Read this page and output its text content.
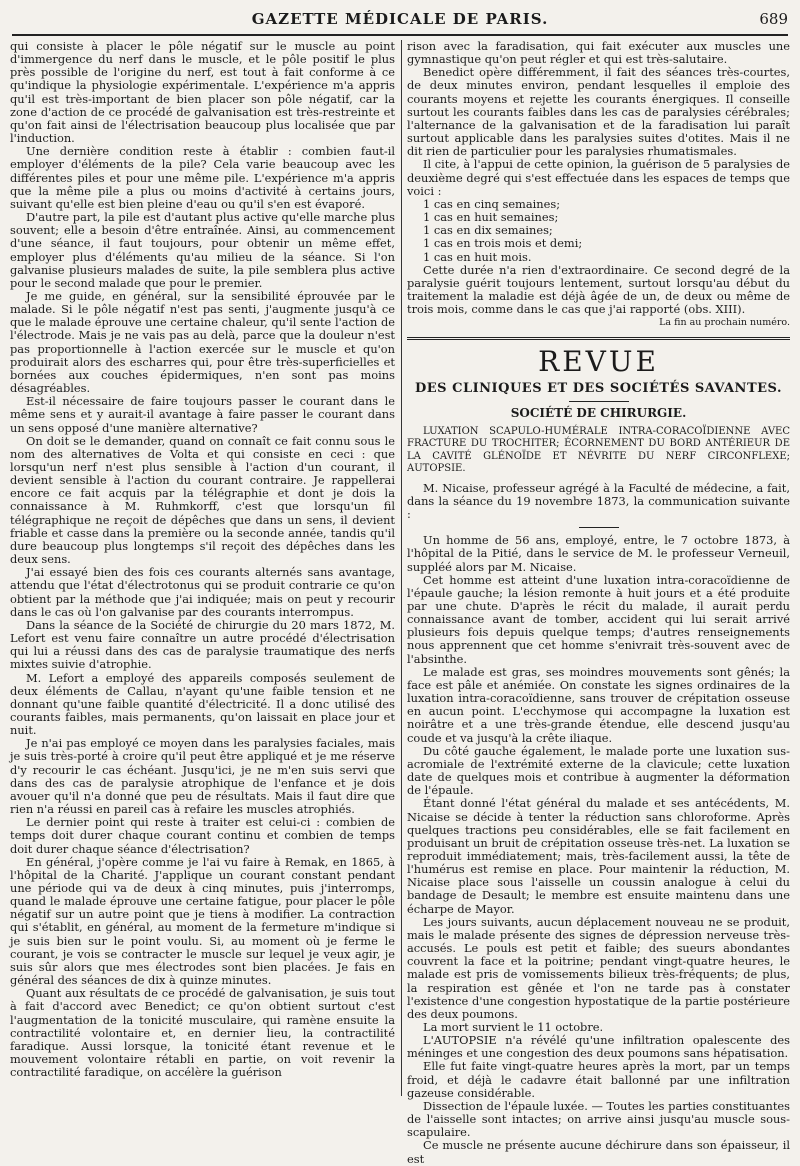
GAZETTE MÉDICALE DE PARIS.	689

qui consiste à placer le pôle négatif sur le muscle au point d'immergence du nerf dans le muscle, et le pôle positif le plus près possible de l'origine du nerf, est tout à fait conforme à ce qu'indique la physiologie expérimentale. L'expérience m'a appris qu'il est très-important de bien placer son pôle négatif, car la zone d'action de ce procédé de galvanisation est très-restreinte et qu'on fait ainsi de l'électrisation beaucoup plus localisée que par l'induction.

Une dernière condition reste à établir : combien faut-il employer d'éléments de la pile? Cela varie beaucoup avec les différentes piles et pour une même pile. L'expérience m'a appris que la même pile a plus ou moins d'activité à certains jours, suivant qu'elle est bien pleine d'eau ou qu'il s'en est évaporé.

D'autre part, la pile est d'autant plus active qu'elle marche plus souvent; elle a besoin d'être entraînée. Ainsi, au commencement d'une séance, il faut toujours, pour obtenir un même effet, employer plus d'éléments qu'au milieu de la séance. Si l'on galvanise plusieurs malades de suite, la pile semblera plus active pour le second malade que pour le premier.

Je me guide, en général, sur la sensibilité éprouvée par le malade. Si le pôle négatif n'est pas senti, j'augmente jusqu'à ce que le malade éprouve une certaine chaleur, qu'il sente l'action de l'électrode. Mais je ne vais pas au delà, parce que la douleur n'est pas proportionnelle à l'action exercée sur le muscle et qu'on produirait alors des escharres qui, pour être très-superficielles et bornées aux couches épidermiques, n'en sont pas moins désagréables.

Est-il nécessaire de faire toujours passer le courant dans le même sens et y aurait-il avantage à faire passer le courant dans un sens opposé d'une manière alternative?

On doit se le demander, quand on connaît ce fait connu sous le nom des alternatives de Volta et qui consiste en ceci : que lorsqu'un nerf n'est plus sensible à l'action d'un courant, il devient sensible à l'action du courant contraire. Je rappellerai encore ce fait acquis par la télégraphie et dont je dois la connaissance à M. Ruhmkorff, c'est que lorsqu'un fil télégraphique ne reçoit de dépêches que dans un sens, il devient friable et casse dans la première ou la seconde année, tandis qu'il dure beaucoup plus longtemps s'il reçoit des dépêches dans les deux sens.

J'ai essayé bien des fois ces courants alternés sans avantage, attendu que l'état d'électrotonus qui se produit contrarie ce qu'on obtient par la méthode que j'ai indiquée; mais on peut y recourir dans le cas où l'on galvanise par des courants interrompus.

Dans la séance de la Société de chirurgie du 20 mars 1872, M. Lefort est venu faire connaître un autre procédé d'électrisation qui lui a réussi dans des cas de paralysie traumatique des nerfs mixtes suivie d'atrophie.

M. Lefort a employé des appareils composés seulement de deux éléments de Callau, n'ayant qu'une faible tension et ne donnant qu'une faible quantité d'électricité. Il a donc utilisé des courants faibles, mais permanents, qu'on laissait en place jour et nuit.

Je n'ai pas employé ce moyen dans les paralysies faciales, mais je suis très-porté à croire qu'il peut être appliqué et je me réserve d'y recourir le cas échéant. Jusqu'ici, je ne m'en suis servi que dans des cas de paralysie atrophique de l'enfance et je dois avouer qu'il n'a donné que peu de résultats. Mais il faut dire que rien n'a réussi en pareil cas à refaire les muscles atrophiés.

Le dernier point qui reste à traiter est celui-ci : combien de temps doit durer chaque courant continu et combien de temps doit durer chaque séance d'électrisation?

En général, j'opère comme je l'ai vu faire à Remak, en 1865, à l'hôpital de la Charité. J'applique un courant constant pendant une période qui va de deux à cinq minutes, puis j'interromps, quand le malade éprouve une certaine fatigue, pour placer le pôle négatif sur un autre point que je tiens à modifier. La contraction qui s'établit, en général, au moment de la fermeture m'indique si je suis bien sur le point voulu. Si, au moment où je ferme le courant, je vois se contracter le muscle sur lequel je veux agir, je suis sûr alors que mes électrodes sont bien placées. Je fais en général des séances de dix à quinze minutes.

Quant aux résultats de ce procédé de galvanisation, je suis tout à fait d'accord avec Benedict; ce qu'on obtient surtout c'est l'augmentation de la tonicité musculaire, qui ramène ensuite la contractilité volontaire et, en dernier lieu, la contractilité faradique. Aussi lorsque, la tonicité étant revenue et le mouvement volontaire rétabli en partie, on voit revenir la contractilité faradique, on accélère la guérison

rison avec la faradisation, qui fait exécuter aux muscles une gymnastique qu'on peut régler et qui est très-salutaire.

Benedict opère différemment, il fait des séances très-courtes, de deux minutes environ, pendant lesquelles il emploie des courants moyens et rejette les courants énergiques. Il conseille surtout les courants faibles dans les cas de paralysies cérébrales; l'alternance de la galvanisation et de la faradisation lui paraît surtout applicable dans les paralysies suites d'otites. Mais il ne dit rien de particulier pour les paralysies rhumatismales.

Il cite, à l'appui de cette opinion, la guérison de 5 paralysies de deuxième degré qui s'est effectuée dans les espaces de temps que voici :

1 cas en cinq semaines;
1 cas en huit semaines;
1 cas en dix semaines;
1 cas en trois mois et demi;
1 cas en huit mois.

Cette durée n'a rien d'extraordinaire. Ce second degré de la paralysie guérit toujours lentement, surtout lorsqu'au début du traitement la maladie est déjà âgée de un, de deux ou même de trois mois, comme dans le cas que j'ai rapporté (obs. XIII).

La fin au prochain numéro.

REVUE
DES CLINIQUES ET DES SOCIÉTÉS SAVANTES.
SOCIÉTÉ DE CHIRURGIE.
LUXATION SCAPULO-HUMÉRALE INTRA-CORACOÏDIENNE AVEC FRACTURE DU TROCHITER; ÉCORNEMENT DU BORD ANTÉRIEUR DE LA CAVITÉ GLÉNOÏDE ET NÉVRITE DU NERF CIRCONFLEXE; AUTOPSIE.

M. Nicaise, professeur agrégé à la Faculté de médecine, a fait, dans la séance du 19 novembre 1873, la communication suivante :

Un homme de 56 ans, employé, entre, le 7 octobre 1873, à l'hôpital de la Pitié, dans le service de M. le professeur Verneuil, suppléé alors par M. Nicaise.

Cet homme est atteint d'une luxation intra-coracoïdienne de l'épaule gauche; la lésion remonte à huit jours et a été produite par une chute. D'après le récit du malade, il aurait perdu connaissance avant de tomber, accident qui lui serait arrivé plusieurs fois depuis quelque temps; d'autres renseignements nous apprennent que cet homme s'enivrait très-souvent avec de l'absinthe.

Le malade est gras, ses moindres mouvements sont gênés; la face est pâle et anémiée. On constate les signes ordinaires de la luxation intra-coracoïdienne, sans trouver de crépitation osseuse en aucun point. L'ecchymose qui accompagne la luxation est noirâtre et a une très-grande étendue, elle descend jusqu'au coude et va jusqu'à la crête iliaque.

Du côté gauche également, le malade porte une luxation sus-acromiale de l'extrémité externe de la clavicule; cette luxation date de quelques mois et contribue à augmenter la déformation de l'épaule.

Étant donné l'état général du malade et ses antécédents, M. Nicaise se décide à tenter la réduction sans chloroforme. Après quelques tractions peu considérables, elle se fait facilement en produisant un bruit de crépitation osseuse très-net. La luxation se reproduit immédiatement; mais, très-facilement aussi, la tête de l'humérus est remise en place. Pour maintenir la réduction, M. Nicaise place sous l'aisselle un coussin analogue à celui du bandage de Desault; le membre est ensuite maintenu dans une écharpe de Mayor.

Les jours suivants, aucun déplacement nouveau ne se produit, mais le malade présente des signes de dépression nerveuse très-accusés. Le pouls est petit et faible; des sueurs abondantes couvrent la face et la poitrine; pendant vingt-quatre heures, le malade est pris de vomissements bilieux très-fréquents; de plus, la respiration est gênée et l'on ne tarde pas à constater l'existence d'une congestion hypostatique de la partie postérieure des deux poumons.

La mort survient le 11 octobre.

L'AUTOPSIE n'a révélé qu'une infiltration opalescente des méninges et une congestion des deux poumons sans hépatisation.

Elle fut faite vingt-quatre heures après la mort, par un temps froid, et déjà le cadavre était ballonné par une infiltration gazeuse considérable.

Dissection de l'épaule luxée. — Toutes les parties constituantes de l'aisselle sont intactes; on arrive ainsi jusqu'au muscle sous-scapulaire.

Ce muscle ne présente aucune déchirure dans son épaisseur, il est
